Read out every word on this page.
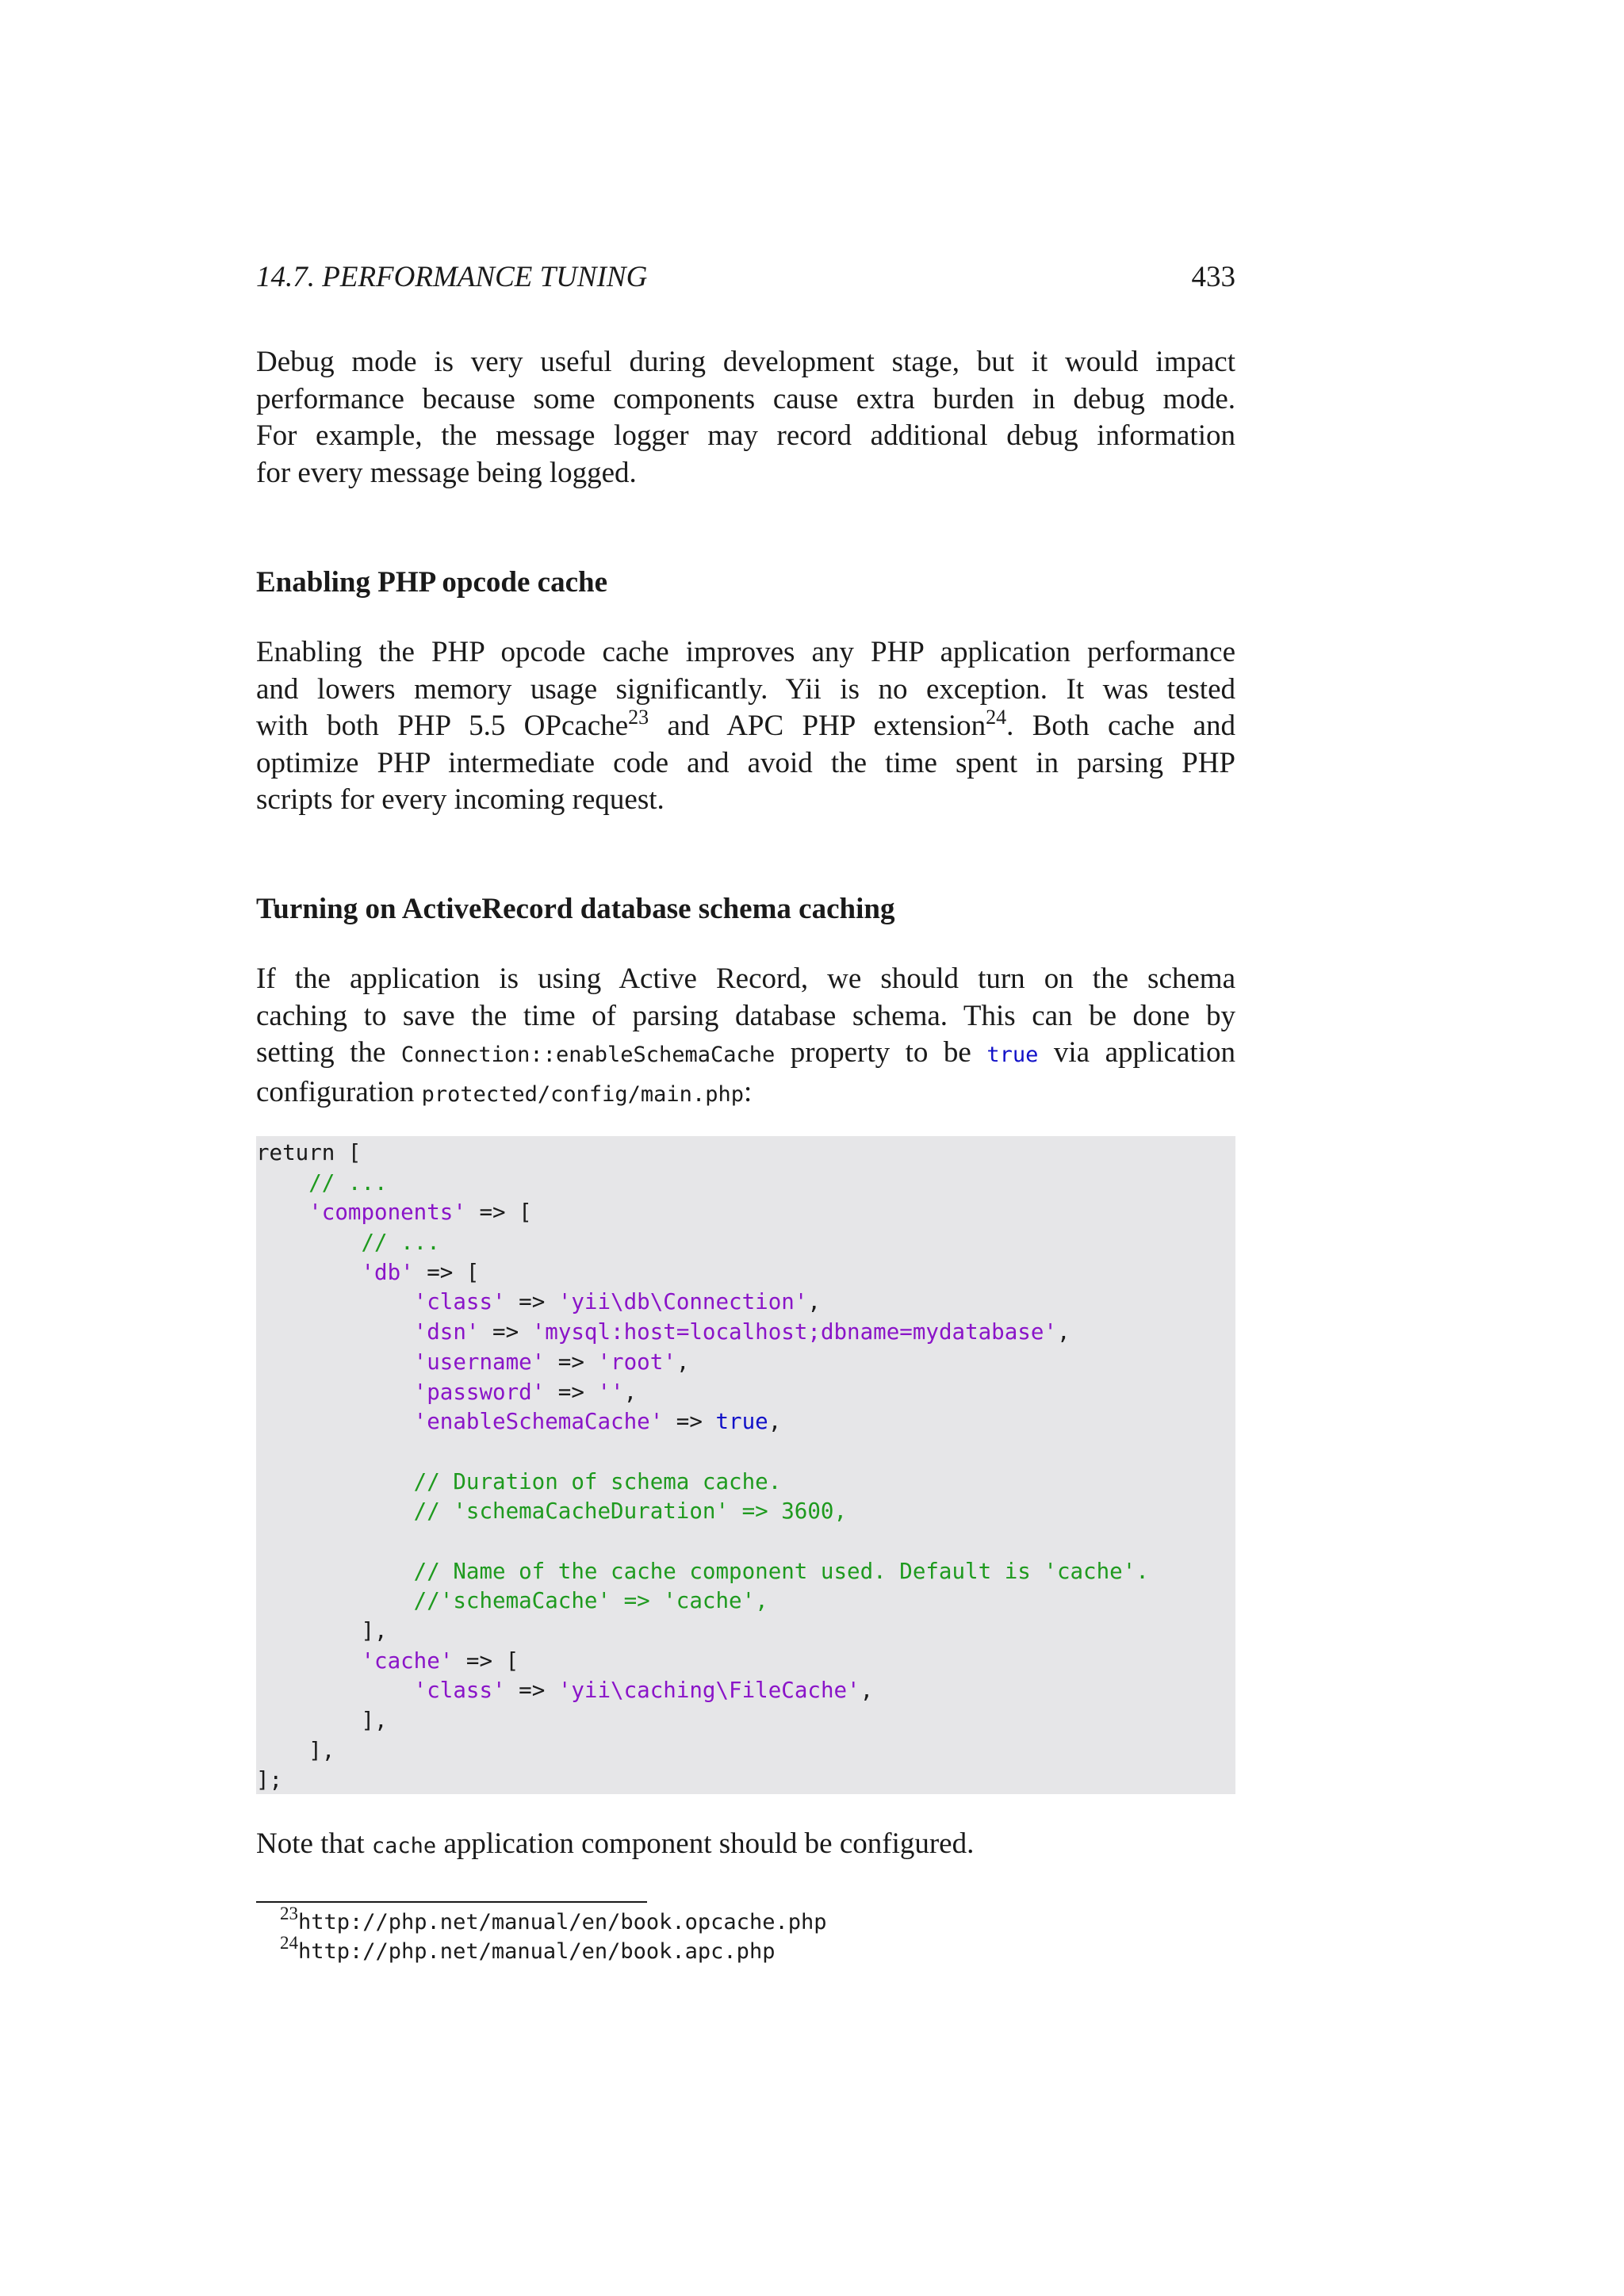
14.7. PERFORMANCE TUNING	433

Debug mode is very useful during development stage, but it would impact
performance because some components cause extra burden in debug mode.
For example, the message logger may record additional debug information
for every message being logged.

Enabling PHP opcode cache

Enabling the PHP opcode cache improves any PHP application performance
and lowers memory usage significantly. Yii is no exception. It was tested
with both PHP 5.5 OPcache$^{23}$ and APC PHP extension$^{24}$. Both cache and
optimize PHP intermediate code and avoid the time spent in parsing PHP
scripts for every incoming request.

Turning on ActiveRecord database schema caching

If the application is using Active Record, we should turn on the schema
caching to save the time of parsing database schema. This can be done by
setting the Connection::enableSchemaCache property to be true via application
configuration protected/config/main.php:

return [
// ...
'components' => [
// ...
'db' => [
'class' => 'yii\db\Connection',
'dsn' => 'mysql:host=localhost;dbname=mydatabase',
'username' => 'root',
'password' => '',
'enableSchemaCache' => true,
// Duration of schema cache.
// 'schemaCacheDuration' => 3600,
// Name of the cache component used. Default is 'cache'.
//'schemaCache' => 'cache',
],
'cache' => [
'class' => 'yii\caching\FileCache',
],
],
];

Note that cache application component should be configured.

$^{23}$http://php.net/manual/en/book.opcache.php
$^{24}$http://php.net/manual/en/book.apc.php
